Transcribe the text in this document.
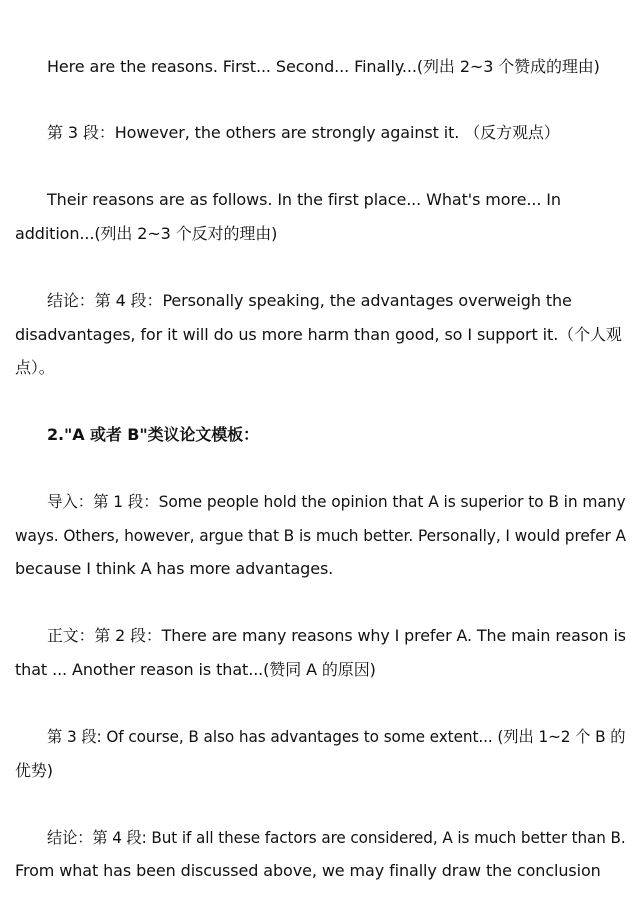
Here are the reasons. First... Second... Finally...(列出 2~3 个赞成的理由)
第 3 段：However, the others are strongly against it. （反方观点）
Their reasons are as follows. In the first place... What's more... In
addition...(列出 2~3 个反对的理由)
结论：第 4 段：Personally speaking, the advantages overweigh the
disadvantages, for it will do us more harm than good, so I support it.（个人观
点）。
2."A 或者 B"类议论文模板：
导入：第 1 段：Some people hold the opinion that A is superior to B in many
ways. Others, however, argue that B is much better. Personally, I would prefer A
because I think A has more advantages.
正文：第 2 段：There are many reasons why I prefer A. The main reason is
that ... Another reason is that...(赞同 A 的原因)
第 3 段: Of course, B also has advantages to some extent... (列出 1~2 个 B 的
优势)
结论：第 4 段: But if all these factors are considered, A is much better than B.
From what has been discussed above, we may finally draw the conclusion
